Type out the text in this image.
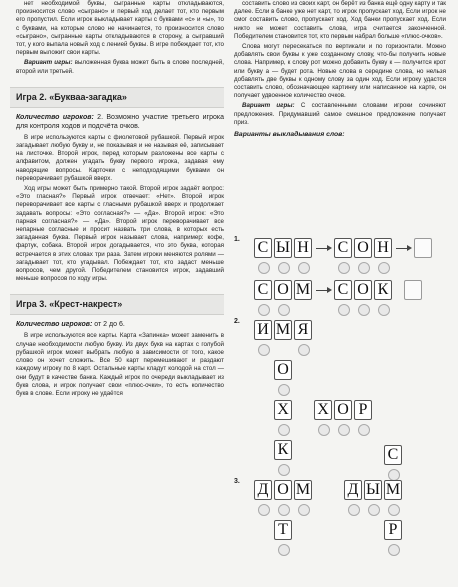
нет необходимой буквы, сыгранные карты откладываются, произносится слово «сыграно» и первый ход делает тот, кто первым его пропустил. Если игрок выкладывает карты с буквами «с» и «ы», то с буквами, на которые слово не начинается, то произносится слово «сыграно», сыгранные карты откладываются в сторону, а сыгравший тот, у кого выпала новый ход с ленией буквы. В игре побеждает тот, кто первым выложит свои карты.

Вариант игры: выложенная буква может быть в слове последней, второй или третьей.

Игра 2. «Букваа-загадка»
Количество игроков: 2. Возможно участие третьего игрока для контроля ходов и подсчёта очков.

В игре используются карты с фиолетовой рубашкой. Первый игрок загадывает любую букву и, не показывая и не называя её, записывает на листочке. Второй игрок, перед которым разложены все карты с алфавитом, должен угадать букву первого игрока, задавая ему наводящие вопросы. Карточки с неподходящими буквами он переворачивает рубашкой вверх.

Ход игры может быть примерно такой. Второй игрок задаёт вопрос: «Это гласная?» Первый игрок отвечает: «Нет». Второй игрок переворачивает все карты с гласными рубашкой вверх и продолжает задавать вопросы: «Это согласная?» — «Да». Второй игрок: «Это парная согласная?» — «Да». Второй игрок переворачивает все непарные согласные и просит назвать три слова, в которых есть загаданная буква. Первый игрок называет слова, например: кофе, фартук, собака. Второй игрок догадывается, что это буква, которая встречается в этих словах три раза. Затем игроки меняются ролями — загадывает тот, кто угадывал. Побеждает тот, кто задаст меньше вопросов, чем другой. Победителем становится игрок, задавший меньше вопросов по ходу игры.

Игра 3. «Крест-накрест»
Количество игроков: от 2 до 6.

В игре используются все карты. Карта «Запинка» может заменить в случае необходимости любую букву. Из двух букв на картах с голубой рубашкой игрок может выбрать любую в зависимости от того, какое слово он хочет сложить. Все 50 карт перемешивают и раздают каждому игроку по 8 карт. Остальные карты кладут колодой на стол — они будут в качестве банка. Каждый игрок по очереди выкладывает из букв слова, и игрок получает свои «плюс-очки», то есть количество букв в слове. Если игроку не удаётся

составить слово из своих карт, он берёт из банка ещё одну карту и так далее. Если в банке уже нет карт, то игрок пропускает ход. Если игрок не смог составить слово, пропускает ход. Ход банки пропускает ход. Если никто не может составить слова, игра считается законченной. Победителем становится тот, кто первым набрал больше «плюс-очков».

Слова могут пересекаться по вертикали и по горизонтали. Можно добавлять свои буквы к уже созданному слову, что-бы получить новые слова. Например, к слову рот можно добавить букву к — получится крот или букву а — будет рота. Новые слова в середине слова, но нельзя добавлять две буквы к одному слову за один ход. Если игроку удастся составить слово, обозначающее картинку или написанное на карте, он получает удвоенное количество очков.

Вариант игры: С составленными словами игроки сочиняют предложения. Придумавший самое смешное предложение получает приз.

Варианты выкладывания слов:
1. С Ы Н С О Н
С О М С О К
2. И М Я
О
Х
К
Х О Р
3. Д О М
Т
С
Д Ы М
Р
